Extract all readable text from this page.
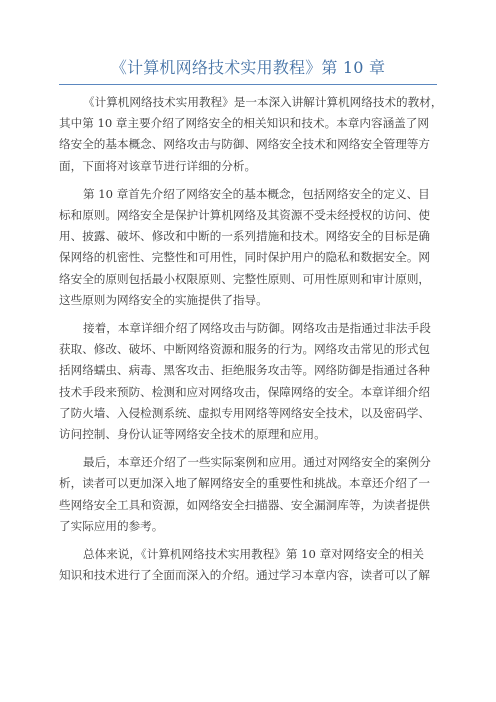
《计算机网络技术实用教程》第 10 章

《计算机网络技术实用教程》是一本深入讲解计算机网络技术的教材，
其中第 10 章主要介绍了网络安全的相关知识和技术。本章内容涵盖了网
络安全的基本概念、网络攻击与防御、网络安全技术和网络安全管理等方
面，下面将对该章节进行详细的分析。

第 10 章首先介绍了网络安全的基本概念，包括网络安全的定义、目
标和原则。网络安全是保护计算机网络及其资源不受未经授权的访问、使
用、披露、破坏、修改和中断的一系列措施和技术。网络安全的目标是确
保网络的机密性、完整性和可用性，同时保护用户的隐私和数据安全。网
络安全的原则包括最小权限原则、完整性原则、可用性原则和审计原则，
这些原则为网络安全的实施提供了指导。

接着，本章详细介绍了网络攻击与防御。网络攻击是指通过非法手段
获取、修改、破坏、中断网络资源和服务的行为。网络攻击常见的形式包
括网络蠕虫、病毒、黑客攻击、拒绝服务攻击等。网络防御是指通过各种
技术手段来预防、检测和应对网络攻击，保障网络的安全。本章详细介绍
了防火墙、入侵检测系统、虚拟专用网络等网络安全技术，以及密码学、
访问控制、身份认证等网络安全技术的原理和应用。

最后，本章还介绍了一些实际案例和应用。通过对网络安全的案例分
析，读者可以更加深入地了解网络安全的重要性和挑战。本章还介绍了一
些网络安全工具和资源，如网络安全扫描器、安全漏洞库等，为读者提供
了实际应用的参考。

总体来说，《计算机网络技术实用教程》第 10 章对网络安全的相关
知识和技术进行了全面而深入的介绍。通过学习本章内容，读者可以了解
